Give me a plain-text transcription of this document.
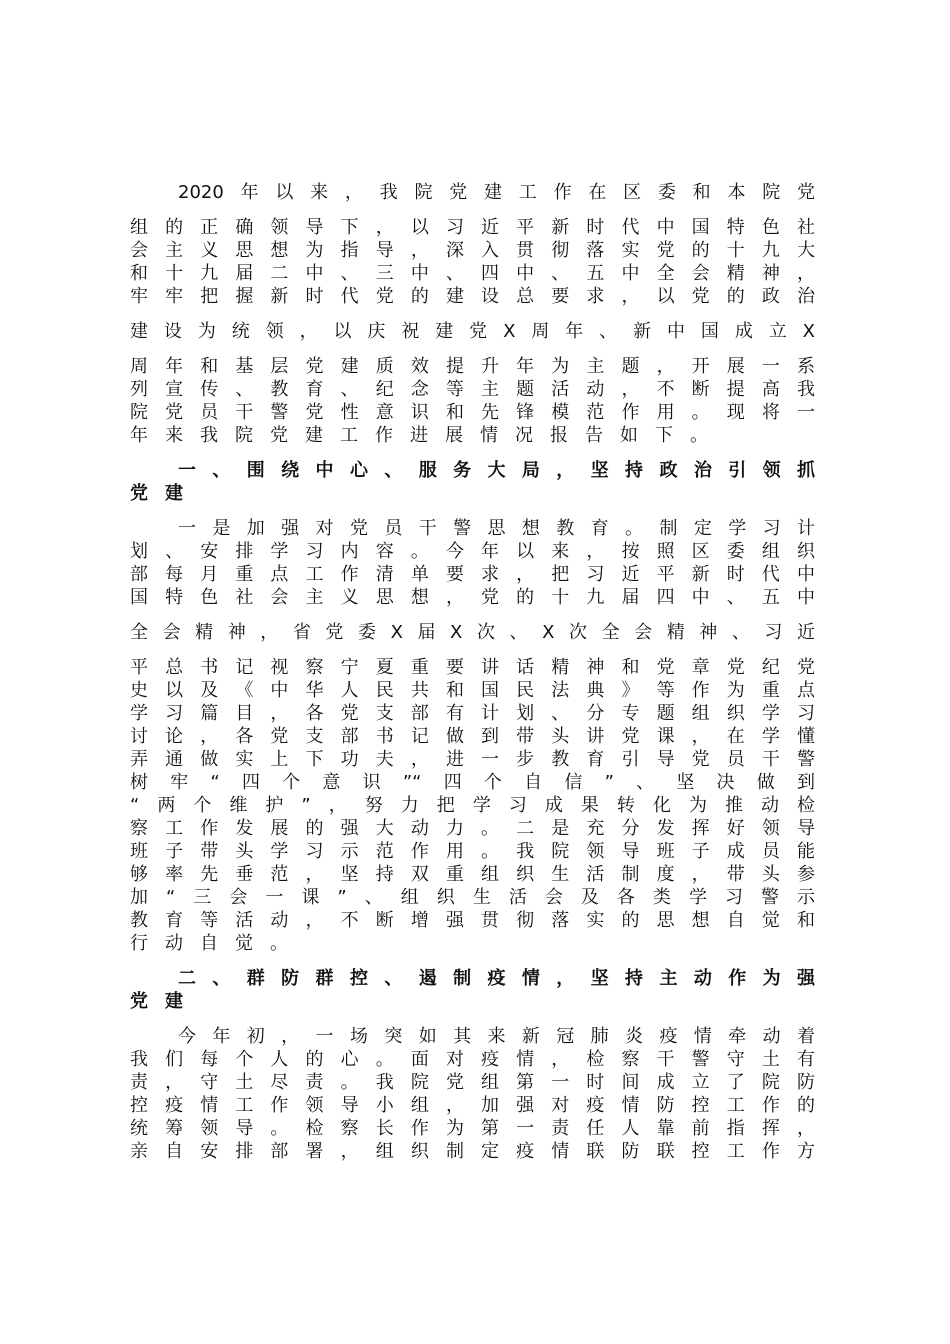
2020年以来，我院党建工作在区委和本院党
组的正确领导下，以习近平新时代中国特色社
会主义思想为指导，深入贯彻落实党的十九大
和十九届二中、三中、四中、五中全会精神，
牢牢把握新时代党的建设总要求，以党的政治
建设为统领，以庆祝建党X周年、新中国成立X
周年和基层党建质效提升年为主题，开展一系
列宣传、教育、纪念等主题活动，不断提高我
院党员干警党性意识和先锋模范作用。现将一
年来我院党建工作进展情况报告如下。
一、围绕中心、服务大局，坚持政治引领抓
党建
一是加强对党员干警思想教育。制定学习计
划、安排学习内容。今年以来，按照区委组织
部每月重点工作清单要求，把习近平新时代中
国特色社会主义思想，党的十九届四中、五中
全会精神，省党委X届X次、X次全会精神、习近
平总书记视察宁夏重要讲话精神和党章党纪党
史以及《中华人民共和国民法典》等作为重点
学习篇目，各党支部有计划、分专题组织学习
讨论，各党支部书记做到带头讲党课，在学懂
弄通做实上下功夫，进一步教育引导党员干警
树牢“四个意识”“四个自信”、坚决做到
“两个维护”，努力把学习成果转化为推动检
察工作发展的强大动力。二是充分发挥好领导
班子带头学习示范作用。我院领导班子成员能
够率先垂范，坚持双重组织生活制度，带头参
加“三会一课”、组织生活会及各类学习警示
教育等活动，不断增强贯彻落实的思想自觉和
行动自觉。
二、群防群控、遏制疫情，坚持主动作为强
党建
今年初，一场突如其来新冠肺炎疫情牵动着
我们每个人的心。面对疫情，检察干警守土有
责，守土尽责。我院党组第一时间成立了院防
控疫情工作领导小组，加强对疫情防控工作的
统筹领导。检察长作为第一责任人靠前指挥，
亲自安排部署，组织制定疫情联防联控工作方
